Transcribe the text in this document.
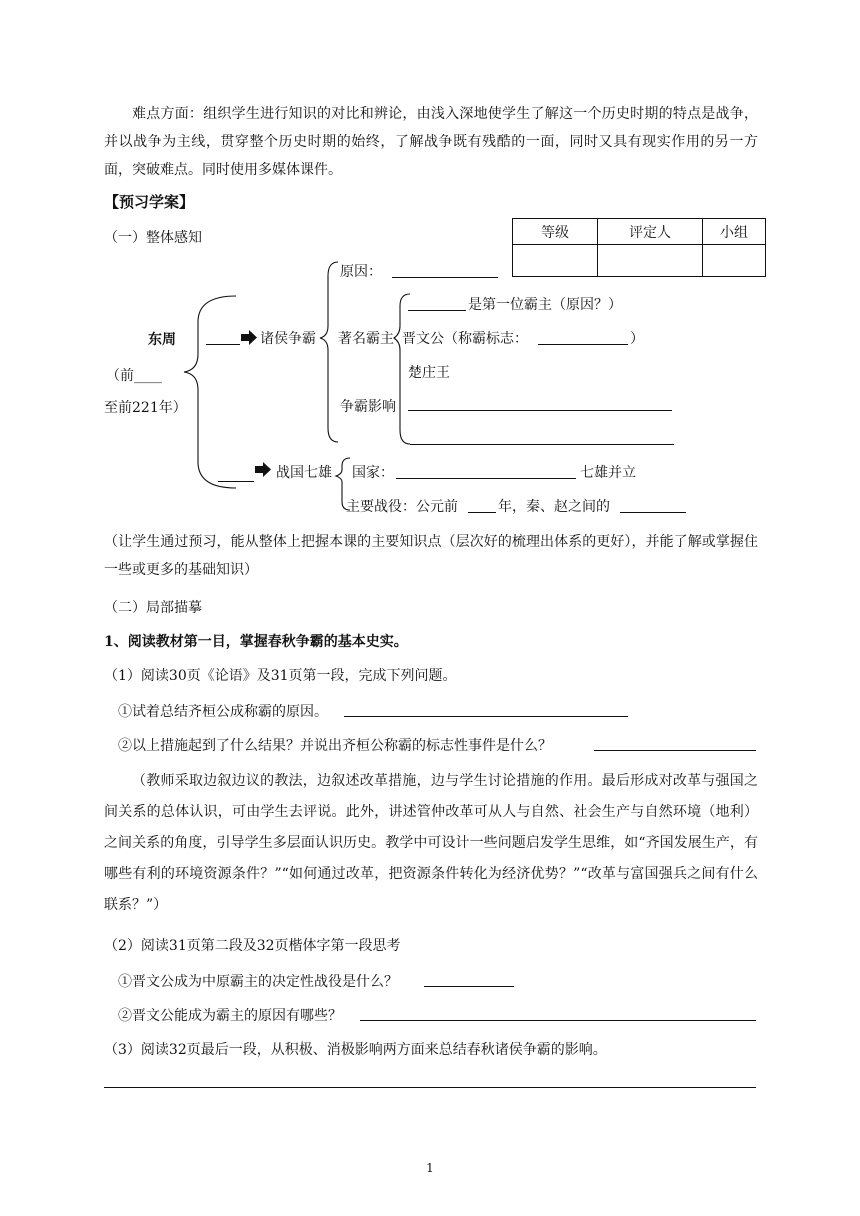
难点方面：组织学生进行知识的对比和辨论，由浅入深地使学生了解这一个历史时期的特点是战争，并以战争为主线，贯穿整个历史时期的始终，了解战争既有残酷的一面，同时又具有现实作用的另一方面，突破难点。同时使用多媒体课件。
【预习学案】
（一）整体感知	等级	评定人	小组

东周
（前____
至前221年）
诸侯争霸
原因：
是第一位霸主（原因？）
著名霸主 晋文公（称霸标志：	）
楚庄王
争霸影响
战国七雄 国家：	七雄并立
主要战役：公元前	年，秦、赵之间的
（让学生通过预习，能从整体上把握本课的主要知识点（层次好的梳理出体系的更好），并能了解或掌握住一些或更多的基础知识）
（二）局部描摹
1、阅读教材第一目，掌握春秋争霸的基本史实。
（1）阅读30页《论语》及31页第一段，完成下列问题。
①试着总结齐桓公成称霸的原因。
②以上措施起到了什么结果？并说出齐桓公称霸的标志性事件是什么？
（教师采取边叙边议的教法，边叙述改革措施，边与学生讨论措施的作用。最后形成对改革与强国之间关系的总体认识，可由学生去评说。此外，讲述管仲改革可从人与自然、社会生产与自然环境（地利）之间关系的角度，引导学生多层面认识历史。教学中可设计一些问题启发学生思维，如“齐国发展生产，有哪些有利的环境资源条件？”“如何通过改革，把资源条件转化为经济优势？”“改革与富国强兵之间有什么联系？”）
（2）阅读31页第二段及32页楷体字第一段思考
①晋文公成为中原霸主的决定性战役是什么？
②晋文公能成为霸主的原因有哪些？
（3）阅读32页最后一段，从积极、消极影响两方面来总结春秋诸侯争霸的影响。
1
